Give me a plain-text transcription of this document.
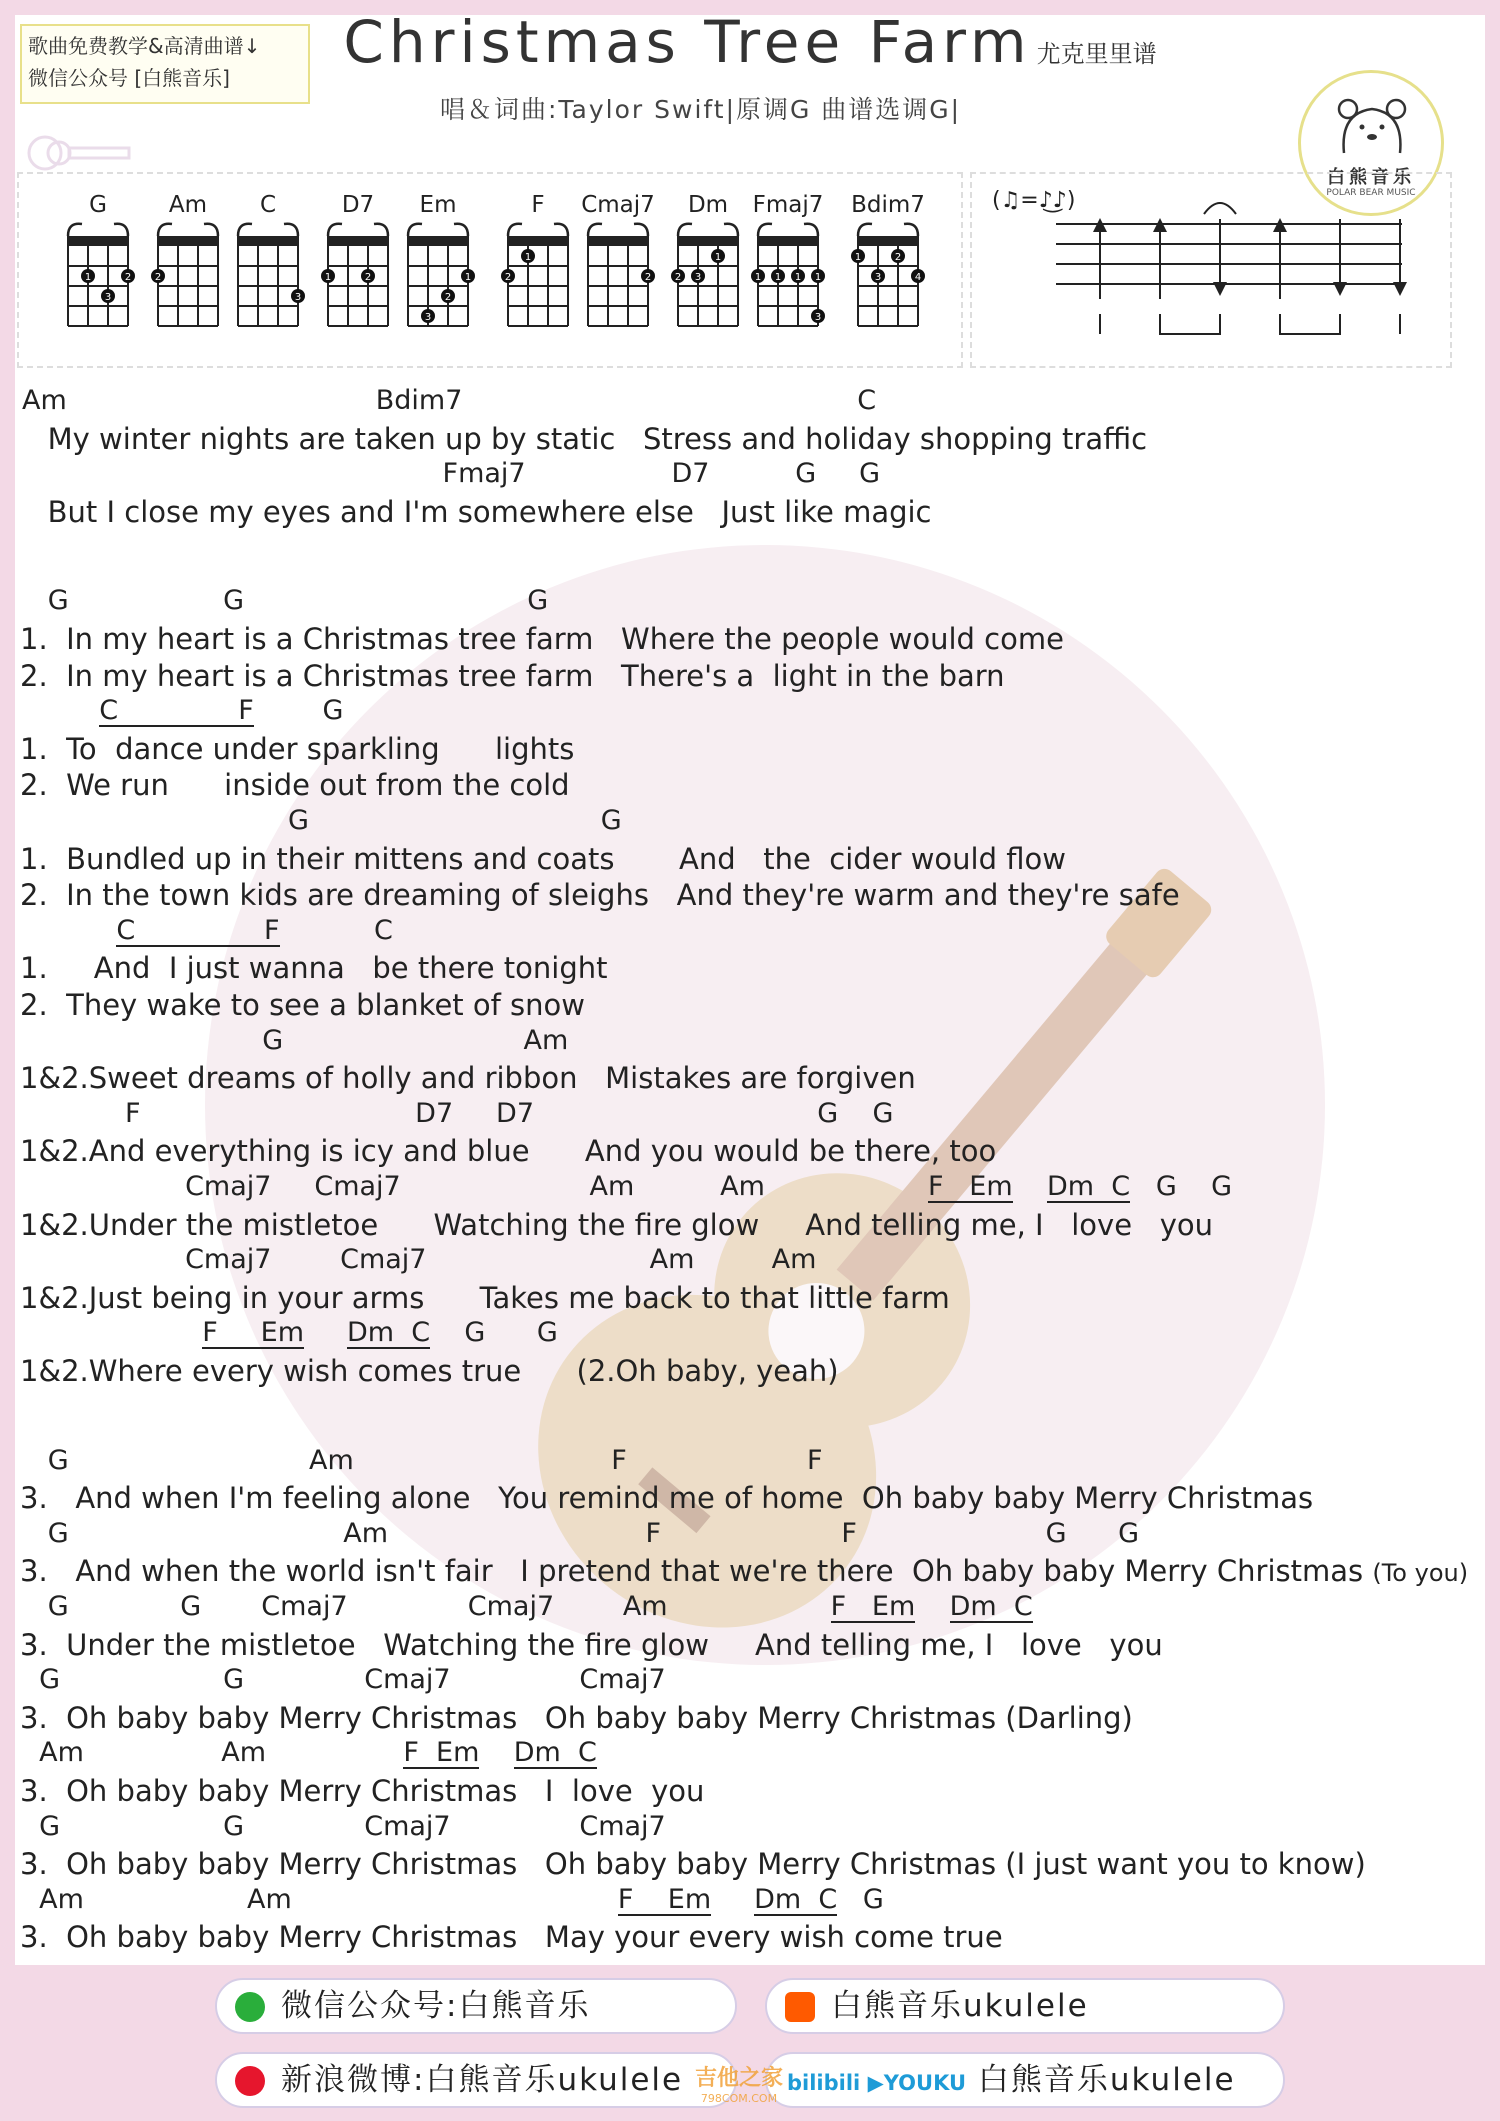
歌曲免费教学&高清曲谱↓
微信公众号 [白熊音乐]
白熊音乐
POLAR BEAR MUSIC
Christmas Tree Farm 尤克里里谱
唱＆词曲:Taylor Swift|原调G 曲谱选调G|
(♫=♪͜♪)
G
1	2
3
Am
2
C
3
D7
1	2
Em
1
2
3
F
1
2
Cmaj7
2
Dm
1
2 3
Fmaj7
1 1 1 1
3
Bdim7
1	2
3	4
Am                                    Bdim7                                              C
My winter nights are taken up by static   Stress and holiday shopping traffic
Fmaj7                 D7          G     G
But I close my eyes and I'm somewhere else   Just like magic
G                  G                                 G
1.  In my heart is a Christmas tree farm   Where the people would come
2.  In my heart is a Christmas tree farm   There's a  light in the barn
C              F        G
1.  To  dance under sparkling      lights
2.  We run      inside out from the cold
G                                  G
1.  Bundled up in their mittens and coats       And   the  cider would flow
2.  In the town kids are dreaming of sleighs   And they're warm and they're safe
C               F           C
1.     And  I just wanna   be there tonight
2.  They wake to see a blanket of snow
G                            Am
1&2.Sweet dreams of holly and ribbon   Mistakes are forgiven
F                                D7     D7                                 G    G
1&2.And everything is icy and blue      And you would be there, too
Cmaj7     Cmaj7                      Am          Am                   F   Em Dm  C   G    G
1&2.Under the mistletoe      Watching the fire glow     And telling me, I   love   you
Cmaj7        Cmaj7                          Am         Am
1&2.Just being in your arms      Takes me back to that little farm
F     Em Dm  C    G      G
1&2.Where every wish comes true      (2.Oh baby, yeah)
G                            Am                              F                     F
3.   And when I'm feeling alone   You remind me of home  Oh baby baby Merry Christmas
G                                Am                              F                     F                      G      G
3.   And when the world isn't fair   I pretend that we're there  Oh baby baby Merry Christmas (To you)
G             G       Cmaj7              Cmaj7        Am                   F   Em Dm  C
3.  Under the mistletoe   Watching the fire glow     And telling me, I   love   you
G                   G              Cmaj7               Cmaj7
3.  Oh baby baby Merry Christmas   Oh baby baby Merry Christmas (Darling)
Am                Am                F  Em Dm  C
3.  Oh baby baby Merry Christmas   I  love  you
G                   G              Cmaj7               Cmaj7
3.  Oh baby baby Merry Christmas   Oh baby baby Merry Christmas (I just want you to know)
Am                   Am                                      F    Em Dm  C   G
3.  Oh baby baby Merry Christmas   May your every wish come true
微信公众号:白熊音乐	白熊音乐ukulele
新浪微博:白熊音乐ukulele	bilibili ▶YOUKU 白熊音乐ukulele
吉他之家
798COM.COM
